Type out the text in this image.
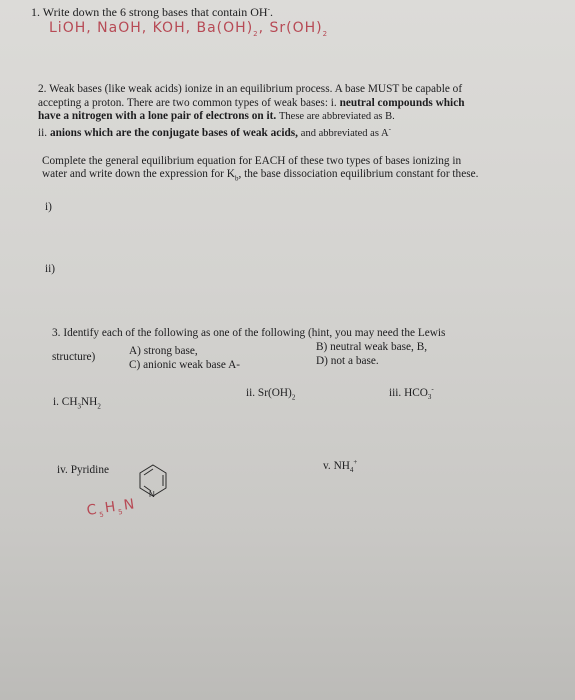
1. Write down the 6 strong bases that contain OH-.
LiOH, NaOH, KOH, $Ba(OH)_2$, $Sr(OH)_2$
2. Weak bases (like weak acids) ionize in an equilibrium process. A base MUST be capable of
accepting a proton. There are two common types of weak bases: i. neutral compounds which
have a nitrogen with a lone pair of electrons on it. These are abbreviated as B.
ii. anions which are the conjugate bases of weak acids, and abbreviated as A-
Complete the general equilibrium equation for EACH of these two types of bases ionizing in
water and write down the expression for $K_b$, the base dissociation equilibrium constant for these.
i)
ii)
3. Identify each of the following as one of the following (hint, you may need the Lewis
structure)	A) strong base,	B) neutral weak base, B,
C) anionic weak base A-	D) not a base.
i. $CH_3NH_2$
ii. $Sr(OH)_2$	iii. $HCO_3^-$
iv. Pyridine
N
$C_5H_5N$
v. $NH_4^+$
